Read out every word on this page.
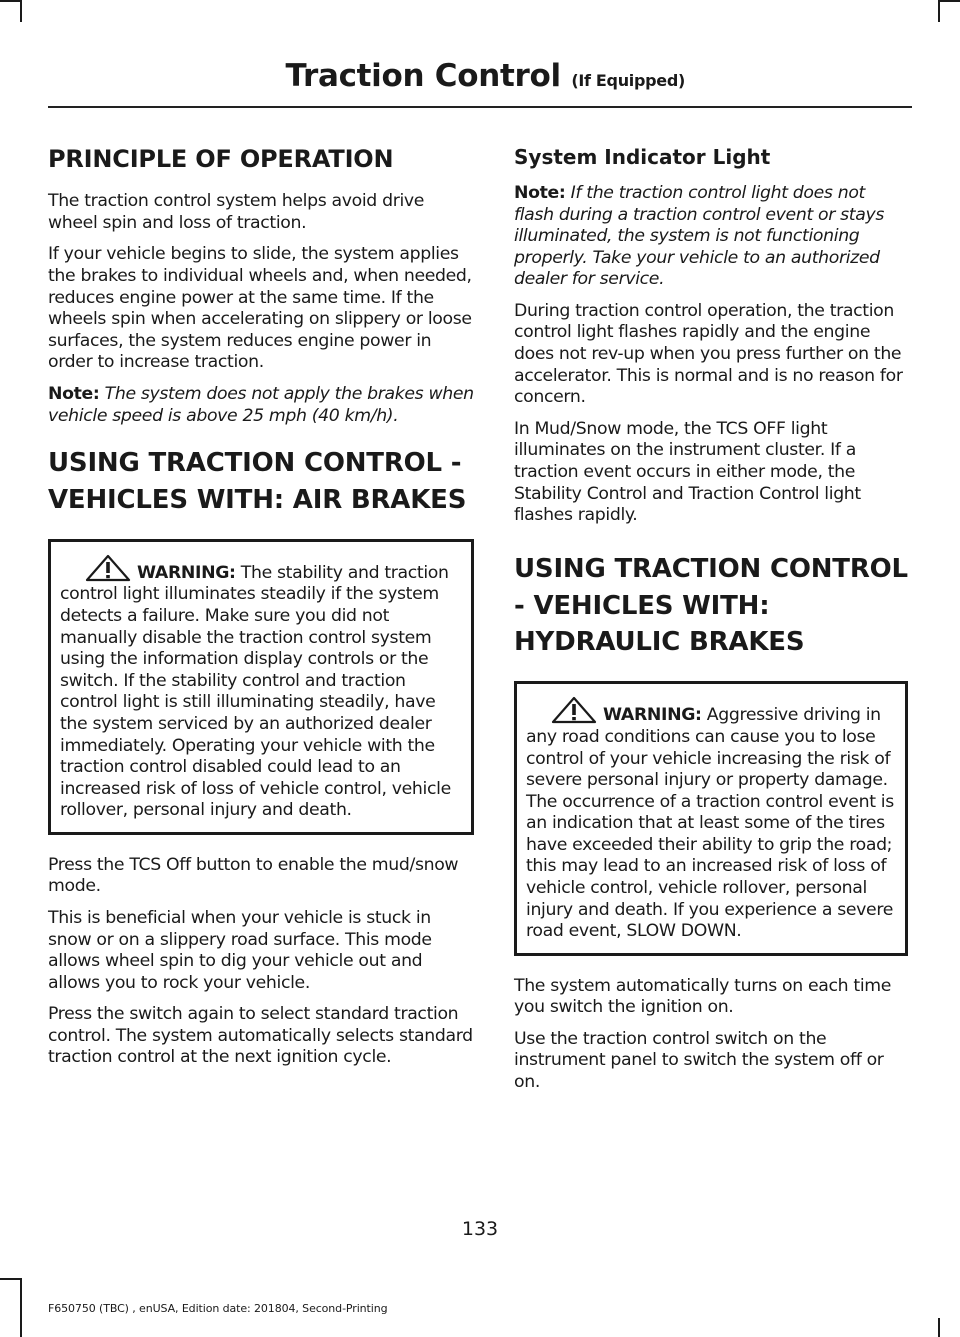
Traction Control (If Equipped)
PRINCIPLE OF OPERATION

The traction control system helps avoid drive wheel spin and loss of traction.

If your vehicle begins to slide, the system applies the brakes to individual wheels and, when needed, reduces engine power at the same time. If the wheels spin when accelerating on slippery or loose surfaces, the system reduces engine power in order to increase traction.

Note: The system does not apply the brakes when vehicle speed is above 25 mph (40 km/h).

USING TRACTION CONTROL - VEHICLES WITH: AIR BRAKES
WARNING: The stability and traction control light illuminates steadily if the system detects a failure. Make sure you did not manually disable the traction control system using the information display controls or the switch. If the stability control and traction control light is still illuminating steadily, have the system serviced by an authorized dealer immediately. Operating your vehicle with the traction control disabled could lead to an increased risk of loss of vehicle control, vehicle rollover, personal injury and death.

Press the TCS Off button to enable the mud/snow mode.

This is beneficial when your vehicle is stuck in snow or on a slippery road surface. This mode allows wheel spin to dig your vehicle out and allows you to rock your vehicle.

Press the switch again to select standard traction control. The system automatically selects standard traction control at the next ignition cycle.

System Indicator Light

Note: If the traction control light does not flash during a traction control event or stays illuminated, the system is not functioning properly. Take your vehicle to an authorized dealer for service.

During traction control operation, the traction control light flashes rapidly and the engine does not rev-up when you press further on the accelerator. This is normal and is no reason for concern.

In Mud/Snow mode, the TCS OFF light illuminates on the instrument cluster. If a traction event occurs in either mode, the Stability Control and Traction Control light flashes rapidly.

USING TRACTION CONTROL - VEHICLES WITH: HYDRAULIC BRAKES
WARNING: Aggressive driving in any road conditions can cause you to lose control of your vehicle increasing the risk of severe personal injury or property damage. The occurrence of a traction control event is an indication that at least some of the tires have exceeded their ability to grip the road; this may lead to an increased risk of loss of vehicle control, vehicle rollover, personal injury and death. If you experience a severe road event, SLOW DOWN.

The system automatically turns on each time you switch the ignition on.

Use the traction control switch on the instrument panel to switch the system off or on.

133
F650750 (TBC) , enUSA, Edition date: 201804, Second-Printing
